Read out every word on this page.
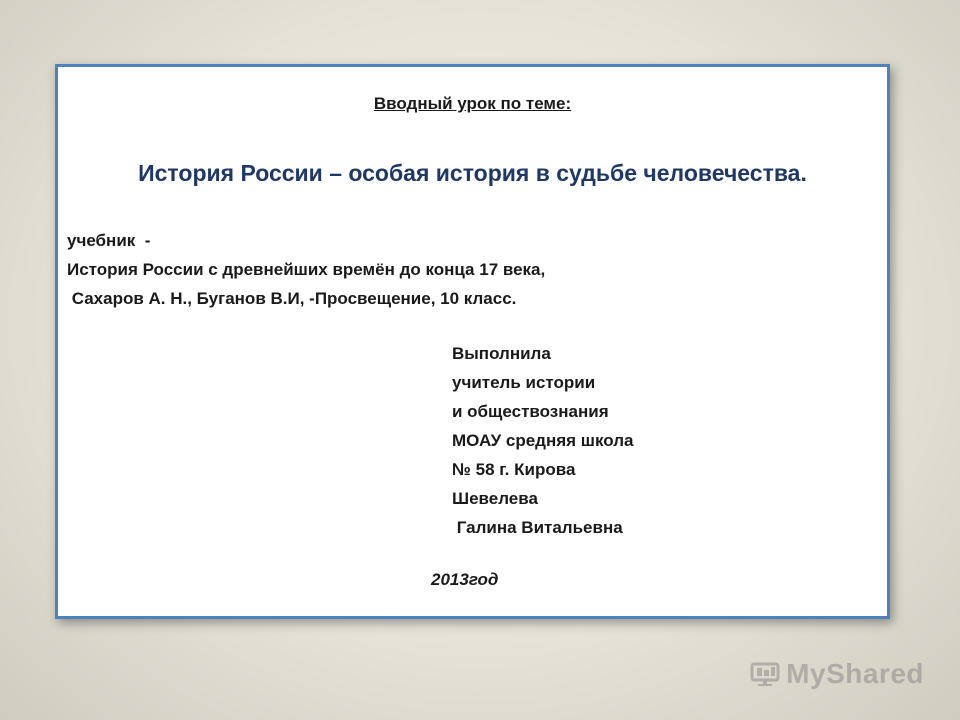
Вводный урок по теме:
История России – особая история в судьбе человечества.
учебник  -
История России с древнейших времён до конца 17 века,
Сахаров А. Н., Буганов В.И, -Просвещение, 10 класс.
Выполнила
учитель истории
и обществознания
МОАУ средняя школа
№ 58 г. Кирова
Шевелева
Галина Витальевна
2013год
MyShared
